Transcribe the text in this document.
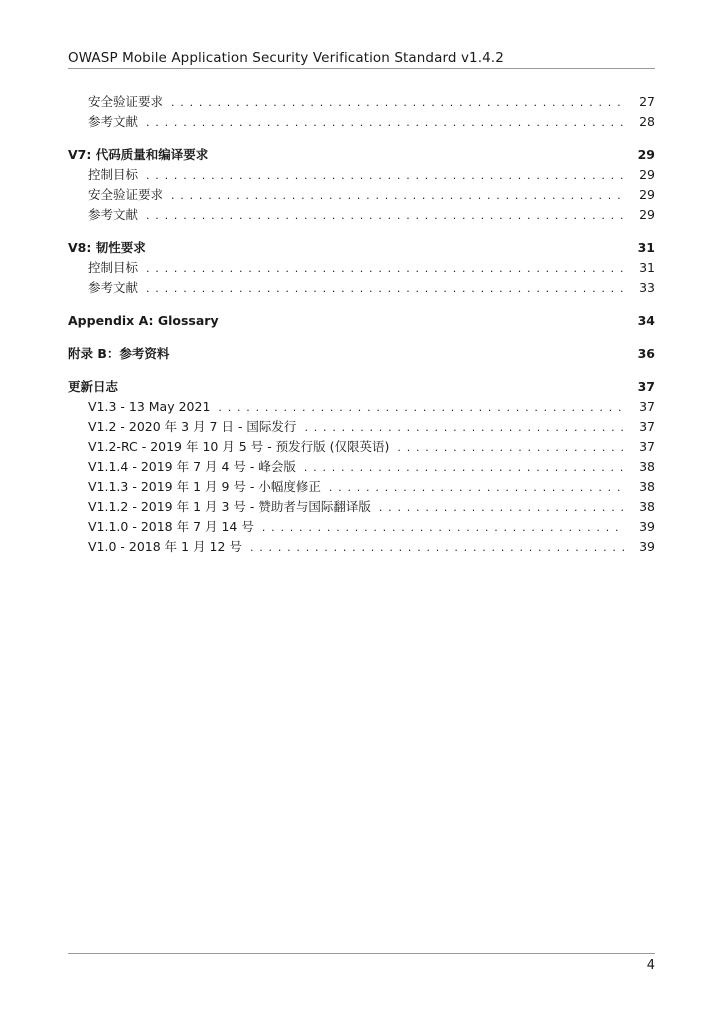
OWASP Mobile Application Security Verification Standard v1.4.2
安全验证要求 . . .	27
参考文献 . . .	28
V7: 代码质量和编译要求	29
控制目标 . . .	29
安全验证要求 . . .	29
参考文献 . . .	29
V8: 韧性要求	31
控制目标 . . .	31
参考文献 . . .	33
Appendix A: Glossary	34
附录 B：参考资料	36
更新日志	37
V1.3 - 13 May 2021 . . .	37
V1.2 - 2020 年 3 月 7 日 - 国际发行 . . .	37
V1.2-RC - 2019 年 10 月 5 号 - 预发行版 (仅限英语) . . .	37
V1.1.4 - 2019 年 7 月 4 号 - 峰会版 . . .	38
V1.1.3 - 2019 年 1 月 9 号 - 小幅度修正 . . .	38
V1.1.2 - 2019 年 1 月 3 号 - 赞助者与国际翻译版 . . .	38
V1.1.0 - 2018 年 7 月 14 号 . . .	39
V1.0 - 2018 年 1 月 12 号 . . .	39
4
